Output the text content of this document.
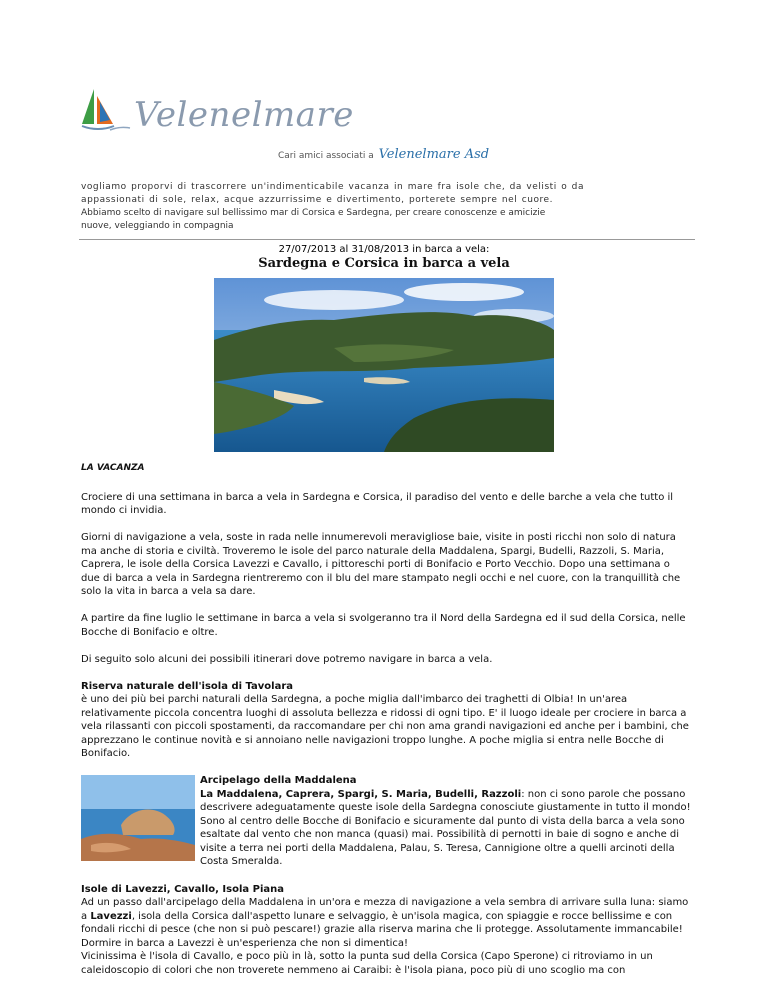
Velenelmare
Cari amici associati a Velenelmare Asd

vogliamo proporvi di trascorrere un'indimenticabile vacanza in mare fra isole che, da velisti o da

appassionati di sole, relax, acque azzurrissime e divertimento, porterete sempre nel cuore.

Abbiamo scelto di navigare sul bellissimo mar di Corsica e Sardegna, per creare conoscenze e amicizie

nuove, veleggiando in compagnia

27/07/2013 al 31/08/2013 in barca a vela:
Sardegna e Corsica in barca a vela

LA VACANZA

Crociere di una settimana in barca a vela in Sardegna e Corsica, il paradiso del vento e delle barche a vela che tutto il mondo ci invidia.

Giorni di navigazione a vela, soste in rada nelle innumerevoli meravigliose baie, visite in posti ricchi non solo di natura ma anche di storia e civiltà. Troveremo le isole del parco naturale della Maddalena, Spargi, Budelli, Razzoli, S. Maria, Caprera, le isole della Corsica Lavezzi e Cavallo, i pittoreschi porti di Bonifacio e Porto Vecchio. Dopo una settimana o due di barca a vela in Sardegna rientreremo con il blu del mare stampato negli occhi e nel cuore, con la tranquillità che solo la vita in barca a vela sa dare.

A partire da fine luglio le settimane in barca a vela si svolgeranno tra il Nord della Sardegna ed il sud della Corsica, nelle Bocche di Bonifacio e oltre.

Di seguito solo alcuni dei possibili itinerari dove potremo navigare in barca a vela.

Riserva naturale dell'isola di Tavolara
è uno dei più bei parchi naturali della Sardegna, a poche miglia dall'imbarco dei traghetti di Olbia! In un'area relativamente piccola concentra luoghi di assoluta bellezza e ridossi di ogni tipo. E' il luogo ideale per crociere in barca a vela rilassanti con piccoli spostamenti, da raccomandare per chi non ama grandi navigazioni ed anche per i bambini, che apprezzano le continue novità e si annoiano nelle navigazioni troppo lunghe. A poche miglia si entra nelle Bocche di Bonifacio.

Arcipelago della Maddalena
La Maddalena, Caprera, Spargi, S. Maria, Budelli, Razzoli: non ci sono parole che possano descrivere adeguatamente queste isole della Sardegna conosciute giustamente in tutto il mondo! Sono al centro delle Bocche di Bonifacio e sicuramente dal punto di vista della barca a vela sono esaltate dal vento che non manca (quasi) mai. Possibilità di pernotti in baie di sogno e anche di visite a terra nei porti della Maddalena, Palau, S. Teresa, Cannigione oltre a quelli arcinoti della Costa Smeralda.

Isole di Lavezzi, Cavallo, Isola Piana
Ad un passo dall'arcipelago della Maddalena in un'ora e mezza di navigazione a vela sembra di arrivare sulla luna: siamo a Lavezzi, isola della Corsica dall'aspetto lunare e selvaggio, è un'isola magica, con spiaggie e rocce bellissime e con fondali ricchi di pesce (che non si può pescare!) grazie alla riserva marina che li protegge. Assolutamente immancabile! Dormire in barca a Lavezzi è un'esperienza che non si dimentica!
Vicinissima è l'isola di Cavallo, e poco più in là, sotto la punta sud della Corsica (Capo Sperone) ci ritroviamo in un caleidoscopio di colori che non troverete nemmeno ai Caraibi: è l'isola piana, poco più di uno scoglio ma con
